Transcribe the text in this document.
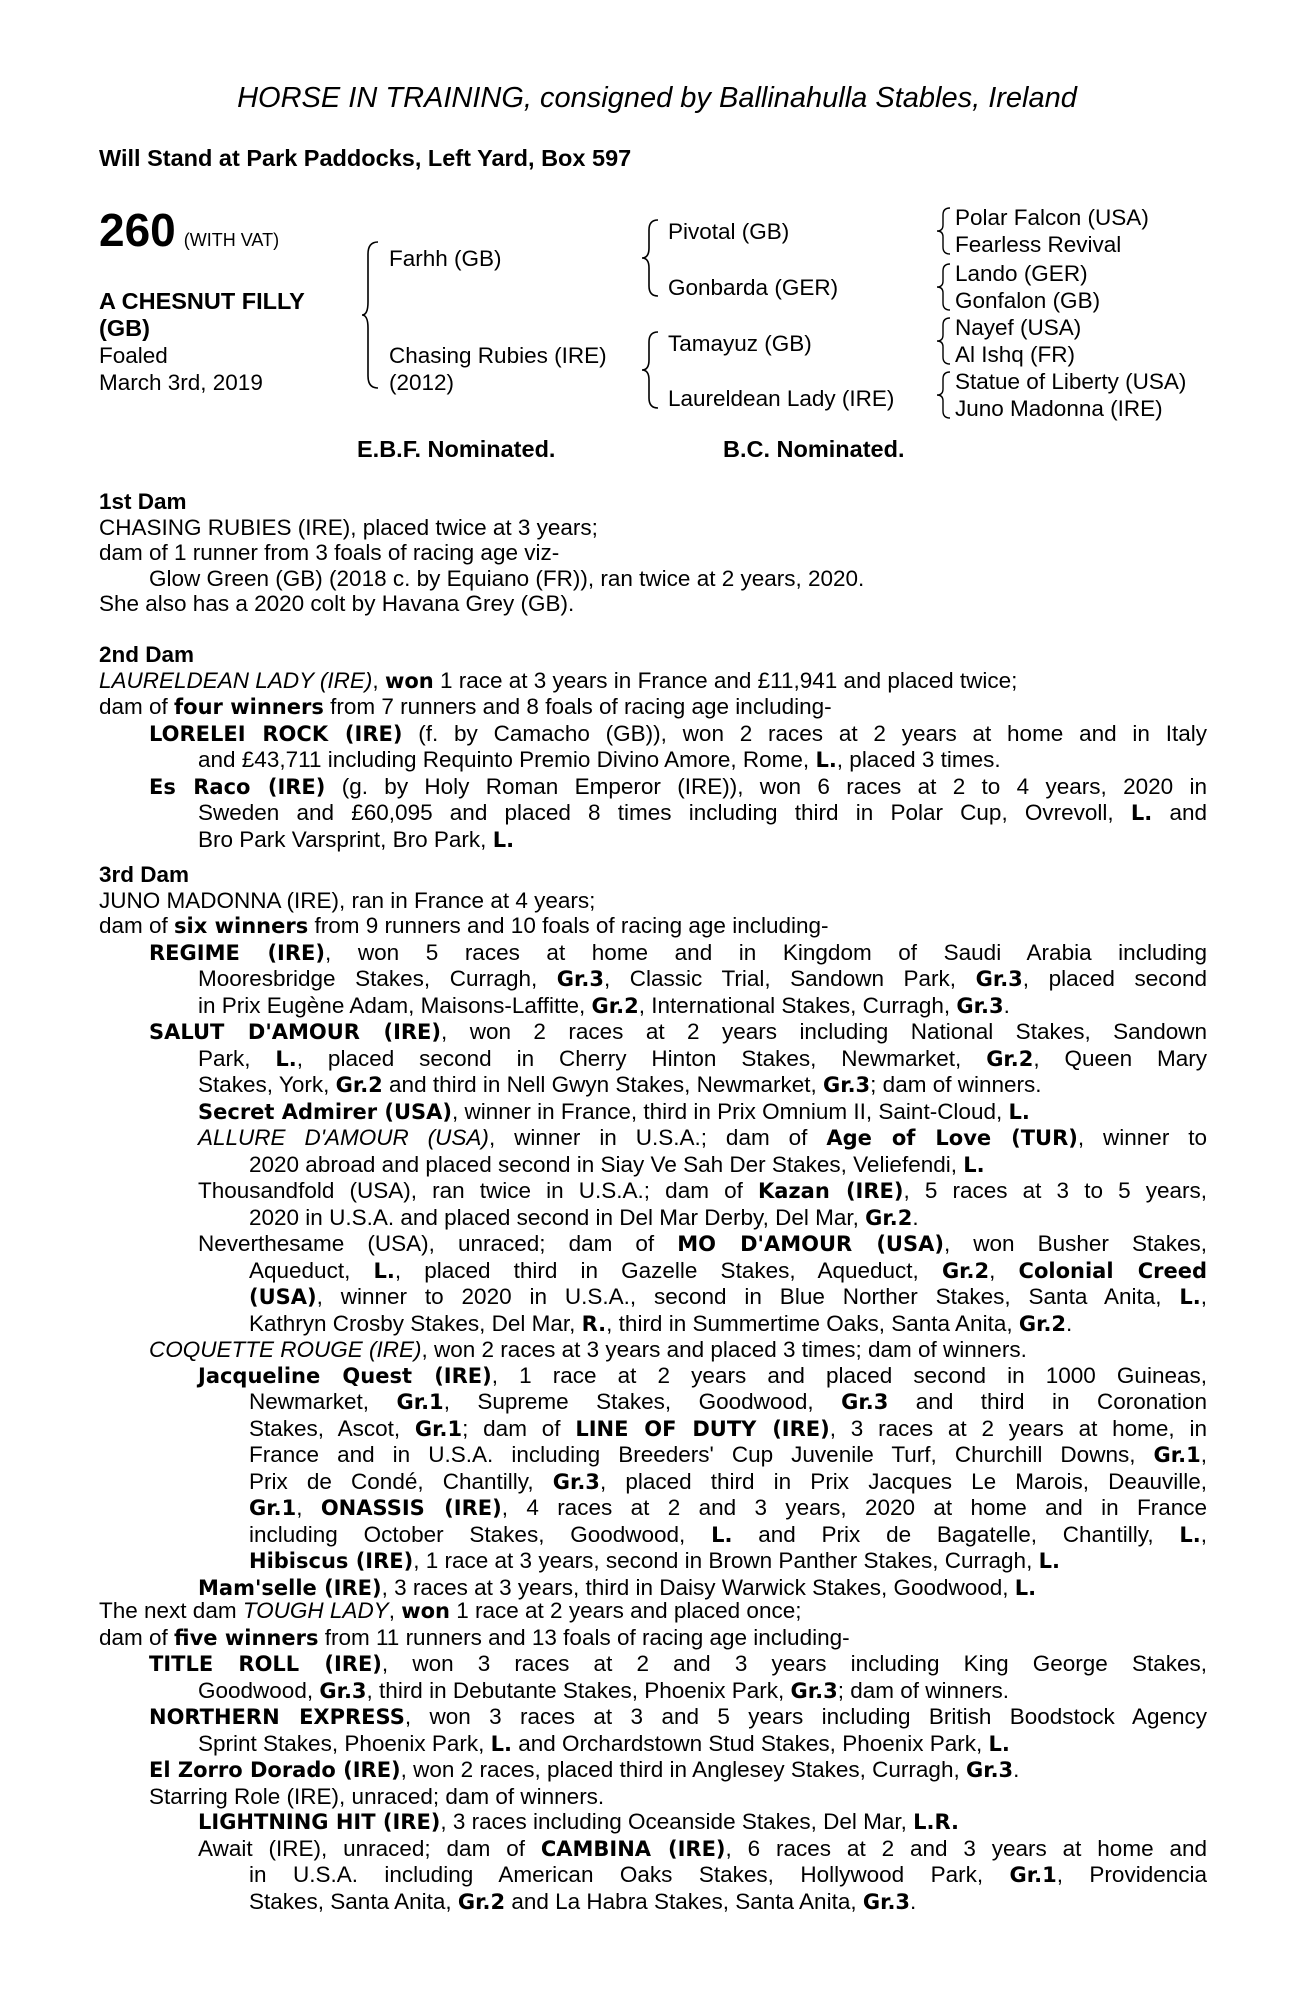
HORSE IN TRAINING, consigned by Ballinahulla Stables, Ireland
Will Stand at Park Paddocks, Left Yard, Box 597
260 (WITH VAT)
A CHESNUT FILLY
(GB)
Foaled
March 3rd, 2019
Farhh (GB)
Chasing Rubies (IRE)
(2012)
Pivotal (GB)
Gonbarda (GER)
Tamayuz (GB)
Laureldean Lady (IRE)
Polar Falcon (USA)
Fearless Revival
Lando (GER)
Gonfalon (GB)
Nayef (USA)
Al Ishq (FR)
Statue of Liberty (USA)
Juno Madonna (IRE)
E.B.F. Nominated.	B.C. Nominated.
1st Dam
CHASING RUBIES (IRE), placed twice at 3 years;
dam of 1 runner from 3 foals of racing age viz-
Glow Green (GB) (2018 c. by Equiano (FR)), ran twice at 2 years, 2020.
She also has a 2020 colt by Havana Grey (GB).
2nd Dam
LAURELDEAN LADY (IRE), won 1 race at 3 years in France and £11,941 and placed twice;
dam of four winners from 7 runners and 8 foals of racing age including-
LORELEI ROCK (IRE) (f. by Camacho (GB)), won 2 races at 2 years at home and in Italy
and £43,711 including Requinto Premio Divino Amore, Rome, L., placed 3 times.
Es Raco (IRE) (g. by Holy Roman Emperor (IRE)), won 6 races at 2 to 4 years, 2020 in
Sweden and £60,095 and placed 8 times including third in Polar Cup, Ovrevoll, L. and
Bro Park Varsprint, Bro Park, L.
3rd Dam
JUNO MADONNA (IRE), ran in France at 4 years;
dam of six winners from 9 runners and 10 foals of racing age including-
REGIME (IRE), won 5 races at home and in Kingdom of Saudi Arabia including
Mooresbridge Stakes, Curragh, Gr.3, Classic Trial, Sandown Park, Gr.3, placed second
in Prix Eugène Adam, Maisons-Laffitte, Gr.2, International Stakes, Curragh, Gr.3.
SALUT D'AMOUR (IRE), won 2 races at 2 years including National Stakes, Sandown
Park, L., placed second in Cherry Hinton Stakes, Newmarket, Gr.2, Queen Mary
Stakes, York, Gr.2 and third in Nell Gwyn Stakes, Newmarket, Gr.3; dam of winners.
Secret Admirer (USA), winner in France, third in Prix Omnium II, Saint-Cloud, L.
ALLURE D'AMOUR (USA), winner in U.S.A.; dam of Age of Love (TUR), winner to
2020 abroad and placed second in Siay Ve Sah Der Stakes, Veliefendi, L.
Thousandfold (USA), ran twice in U.S.A.; dam of Kazan (IRE), 5 races at 3 to 5 years,
2020 in U.S.A. and placed second in Del Mar Derby, Del Mar, Gr.2.
Neverthesame (USA), unraced; dam of MO D'AMOUR (USA), won Busher Stakes,
Aqueduct, L., placed third in Gazelle Stakes, Aqueduct, Gr.2, Colonial Creed
(USA), winner to 2020 in U.S.A., second in Blue Norther Stakes, Santa Anita, L.,
Kathryn Crosby Stakes, Del Mar, R., third in Summertime Oaks, Santa Anita, Gr.2.
COQUETTE ROUGE (IRE), won 2 races at 3 years and placed 3 times; dam of winners.
Jacqueline Quest (IRE), 1 race at 2 years and placed second in 1000 Guineas,
Newmarket, Gr.1, Supreme Stakes, Goodwood, Gr.3 and third in Coronation
Stakes, Ascot, Gr.1; dam of LINE OF DUTY (IRE), 3 races at 2 years at home, in
France and in U.S.A. including Breeders' Cup Juvenile Turf, Churchill Downs, Gr.1,
Prix de Condé, Chantilly, Gr.3, placed third in Prix Jacques Le Marois, Deauville,
Gr.1, ONASSIS (IRE), 4 races at 2 and 3 years, 2020 at home and in France
including October Stakes, Goodwood, L. and Prix de Bagatelle, Chantilly, L.,
Hibiscus (IRE), 1 race at 3 years, second in Brown Panther Stakes, Curragh, L.
Mam'selle (IRE), 3 races at 3 years, third in Daisy Warwick Stakes, Goodwood, L.
The next dam TOUGH LADY, won 1 race at 2 years and placed once;
dam of five winners from 11 runners and 13 foals of racing age including-
TITLE ROLL (IRE), won 3 races at 2 and 3 years including King George Stakes,
Goodwood, Gr.3, third in Debutante Stakes, Phoenix Park, Gr.3; dam of winners.
NORTHERN EXPRESS, won 3 races at 3 and 5 years including British Boodstock Agency
Sprint Stakes, Phoenix Park, L. and Orchardstown Stud Stakes, Phoenix Park, L.
El Zorro Dorado (IRE), won 2 races, placed third in Anglesey Stakes, Curragh, Gr.3.
Starring Role (IRE), unraced; dam of winners.
LIGHTNING HIT (IRE), 3 races including Oceanside Stakes, Del Mar, L.R.
Await (IRE), unraced; dam of CAMBINA (IRE), 6 races at 2 and 3 years at home and
in U.S.A. including American Oaks Stakes, Hollywood Park, Gr.1, Providencia
Stakes, Santa Anita, Gr.2 and La Habra Stakes, Santa Anita, Gr.3.
